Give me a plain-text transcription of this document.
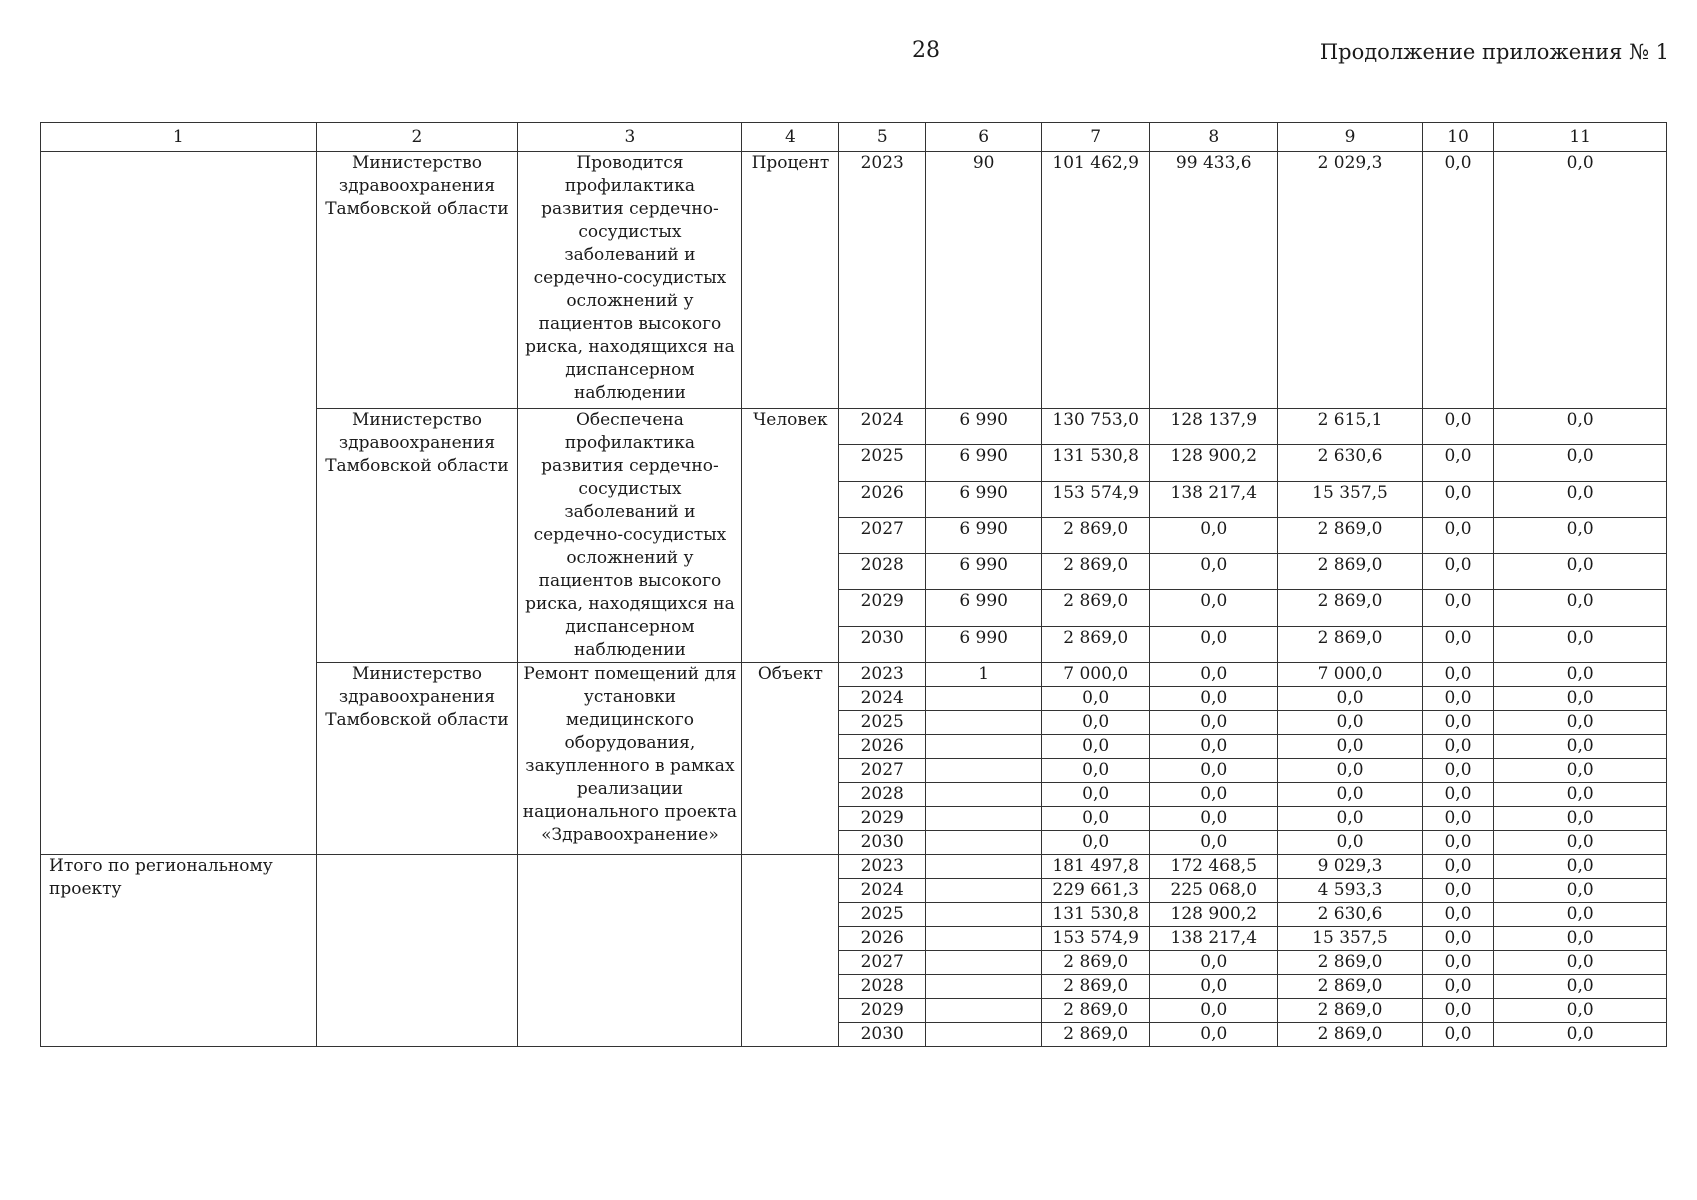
28	Продолжение приложения № 1
1	2	3	4	5	6	7	8	9	10	11
	Министерство здравоохранения Тамбовской области	Проводится профилактика развития сердечно-сосудистых заболеваний и сердечно-сосудистых осложнений у пациентов высокого риска, находящихся на диспансерном наблюдении	Процент	2023	90	101 462,9	99 433,6	2 029,3	0,0	0,0
	Министерство здравоохранения Тамбовской области	Обеспечена профилактика развития сердечно-сосудистых заболеваний и сердечно-сосудистых осложнений у пациентов высокого риска, находящихся на диспансерном наблюдении	Человек	2024	6 990	130 753,0	128 137,9	2 615,1	0,0	0,0
				2025	6 990	131 530,8	128 900,2	2 630,6	0,0	0,0
				2026	6 990	153 574,9	138 217,4	15 357,5	0,0	0,0
				2027	6 990	2 869,0	0,0	2 869,0	0,0	0,0
				2028	6 990	2 869,0	0,0	2 869,0	0,0	0,0
				2029	6 990	2 869,0	0,0	2 869,0	0,0	0,0
				2030	6 990	2 869,0	0,0	2 869,0	0,0	0,0
	Министерство здравоохранения Тамбовской области	Ремонт помещений для установки медицинского оборудования, закупленного в рамках реализации национального проекта «Здравоохранение»	Объект	2023	1	7 000,0	0,0	7 000,0	0,0	0,0
				2024		0,0	0,0	0,0	0,0	0,0
				2025		0,0	0,0	0,0	0,0	0,0
				2026		0,0	0,0	0,0	0,0	0,0
				2027		0,0	0,0	0,0	0,0	0,0
				2028		0,0	0,0	0,0	0,0	0,0
				2029		0,0	0,0	0,0	0,0	0,0
				2030		0,0	0,0	0,0	0,0	0,0
Итого по региональному проекту				2023		181 497,8	172 468,5	9 029,3	0,0	0,0
				2024		229 661,3	225 068,0	4 593,3	0,0	0,0
				2025		131 530,8	128 900,2	2 630,6	0,0	0,0
				2026		153 574,9	138 217,4	15 357,5	0,0	0,0
				2027		2 869,0	0,0	2 869,0	0,0	0,0
				2028		2 869,0	0,0	2 869,0	0,0	0,0
				2029		2 869,0	0,0	2 869,0	0,0	0,0
				2030		2 869,0	0,0	2 869,0	0,0	0,0
